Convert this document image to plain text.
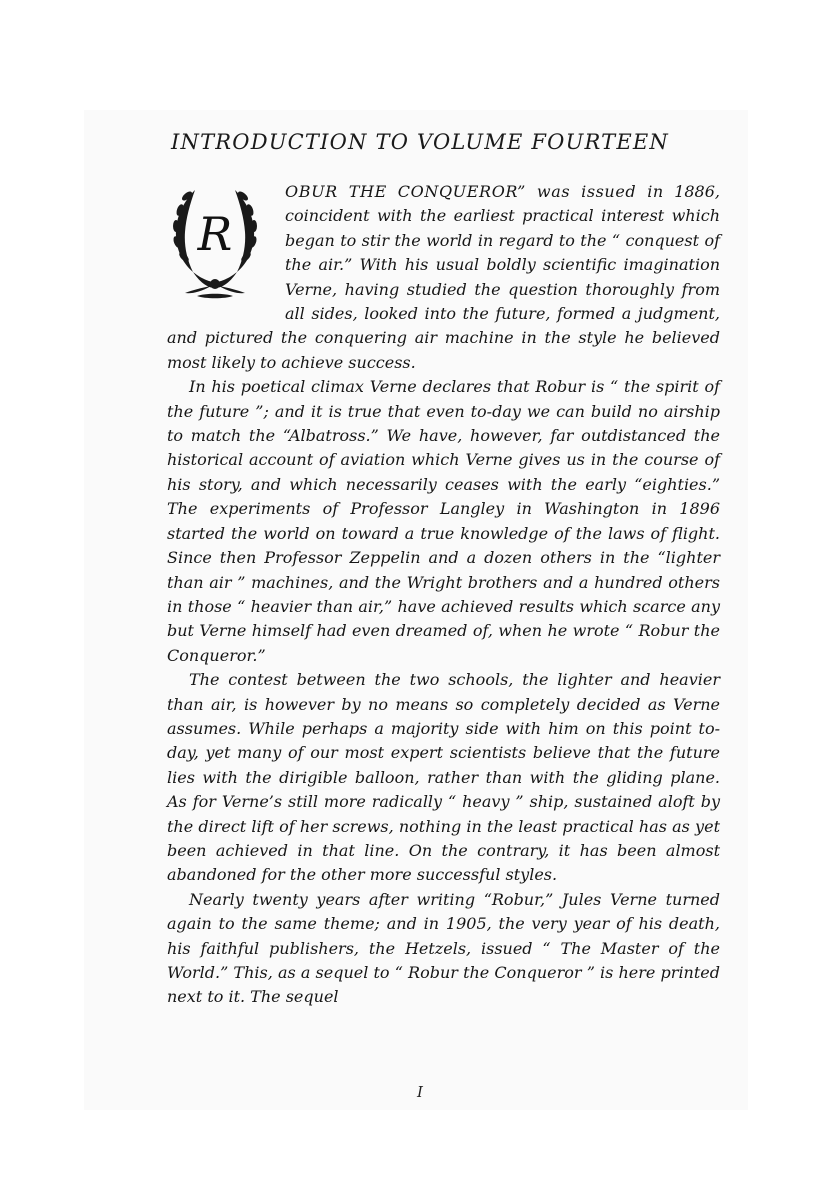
INTRODUCTION TO VOLUME FOURTEEN
R

OBUR THE CONQUEROR” was issued in 1886, coincident with the earliest practical interest which began to stir the world in regard to the “ conquest of the air.” With his usual boldly scientific imagination Verne, having studied the question thoroughly from all sides, looked into the future, formed a judgment, and pictured the conquering air machine in the style he believed most likely to achieve success.

In his poetical climax Verne declares that Robur is “ the spirit of the future ”; and it is true that even to-day we can build no airship to match the “Albatross.” We have, however, far outdistanced the historical account of aviation which Verne gives us in the course of his story, and which necessarily ceases with the early “eighties.” The experiments of Professor Langley in Washington in 1896 started the world on toward a true knowledge of the laws of flight. Since then Professor Zeppelin and a dozen others in the “lighter than air ” machines, and the Wright brothers and a hundred others in those “ heavier than air,” have achieved results which scarce any but Verne himself had even dreamed of, when he wrote “ Robur the Conqueror.”

The contest between the two schools, the lighter and heavier than air, is however by no means so completely decided as Verne assumes. While perhaps a majority side with him on this point to-day, yet many of our most expert scientists believe that the future lies with the dirigible balloon, rather than with the gliding plane. As for Verne’s still more radically “ heavy ” ship, sustained aloft by the direct lift of her screws, nothing in the least practical has as yet been achieved in that line. On the contrary, it has been almost abandoned for the other more successful styles.

Nearly twenty years after writing “Robur,” Jules Verne turned again to the same theme; and in 1905, the very year of his death, his faithful publishers, the Hetzels, issued “ The Master of the World.” This, as a sequel to “ Robur the Conqueror ” is here printed next to it. The sequel

I
